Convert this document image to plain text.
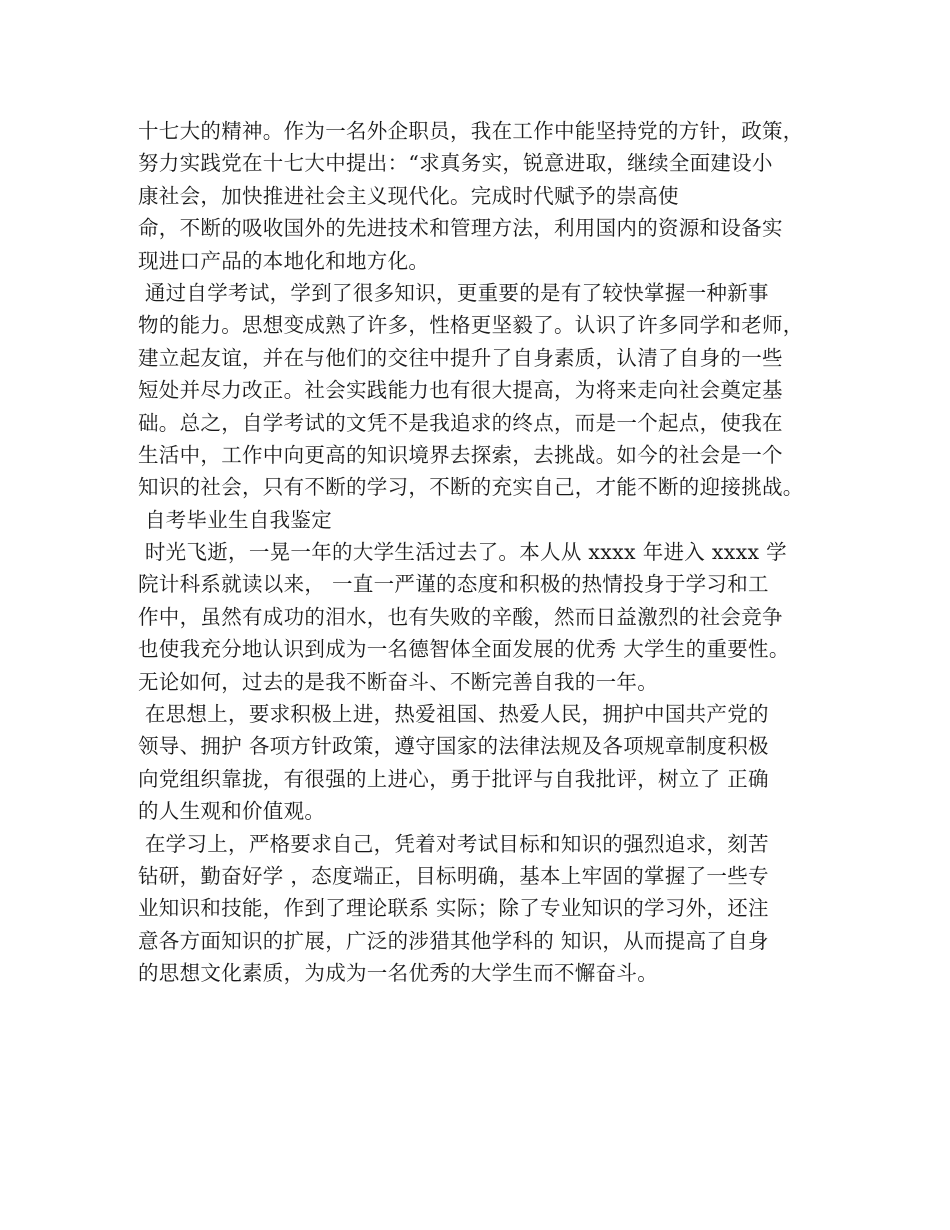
十七大的精神。作为一名外企职员，我在工作中能坚持党的方针，政策，
努力实践党在十七大中提出：“求真务实，锐意进取，继续全面建设小
康社会，加快推进社会主义现代化。完成时代赋予的崇高使
命，不断的吸收国外的先进技术和管理方法，利用国内的资源和设备实
现进口产品的本地化和地方化。
通过自学考试，学到了很多知识，更重要的是有了较快掌握一种新事
物的能力。思想变成熟了许多，性格更坚毅了。认识了许多同学和老师，
建立起友谊，并在与他们的交往中提升了自身素质，认清了自身的一些
短处并尽力改正。社会实践能力也有很大提高，为将来走向社会奠定基
础。总之，自学考试的文凭不是我追求的终点，而是一个起点，使我在
生活中，工作中向更高的知识境界去探索，去挑战。如今的社会是一个
知识的社会，只有不断的学习，不断的充实自己，才能不断的迎接挑战。
自考毕业生自我鉴定
时光飞逝，一晃一年的大学生活过去了。本人从 xxxx 年进入 xxxx 学
院计科系就读以来， 一直一严谨的态度和积极的热情投身于学习和工
作中，虽然有成功的泪水，也有失败的辛酸，然而日益激烈的社会竞争
也使我充分地认识到成为一名德智体全面发展的优秀 大学生的重要性。
无论如何，过去的是我不断奋斗、不断完善自我的一年。
在思想上，要求积极上进，热爱祖国、热爱人民，拥护中国共产党的
领导、拥护 各项方针政策，遵守国家的法律法规及各项规章制度积极
向党组织靠拢，有很强的上进心，勇于批评与自我批评，树立了 正确
的人生观和价值观。
在学习上，严格要求自己，凭着对考试目标和知识的强烈追求，刻苦
钻研，勤奋好学 ，态度端正，目标明确，基本上牢固的掌握了一些专
业知识和技能，作到了理论联系 实际；除了专业知识的学习外，还注
意各方面知识的扩展，广泛的涉猎其他学科的 知识，从而提高了自身
的思想文化素质，为成为一名优秀的大学生而不懈奋斗。
